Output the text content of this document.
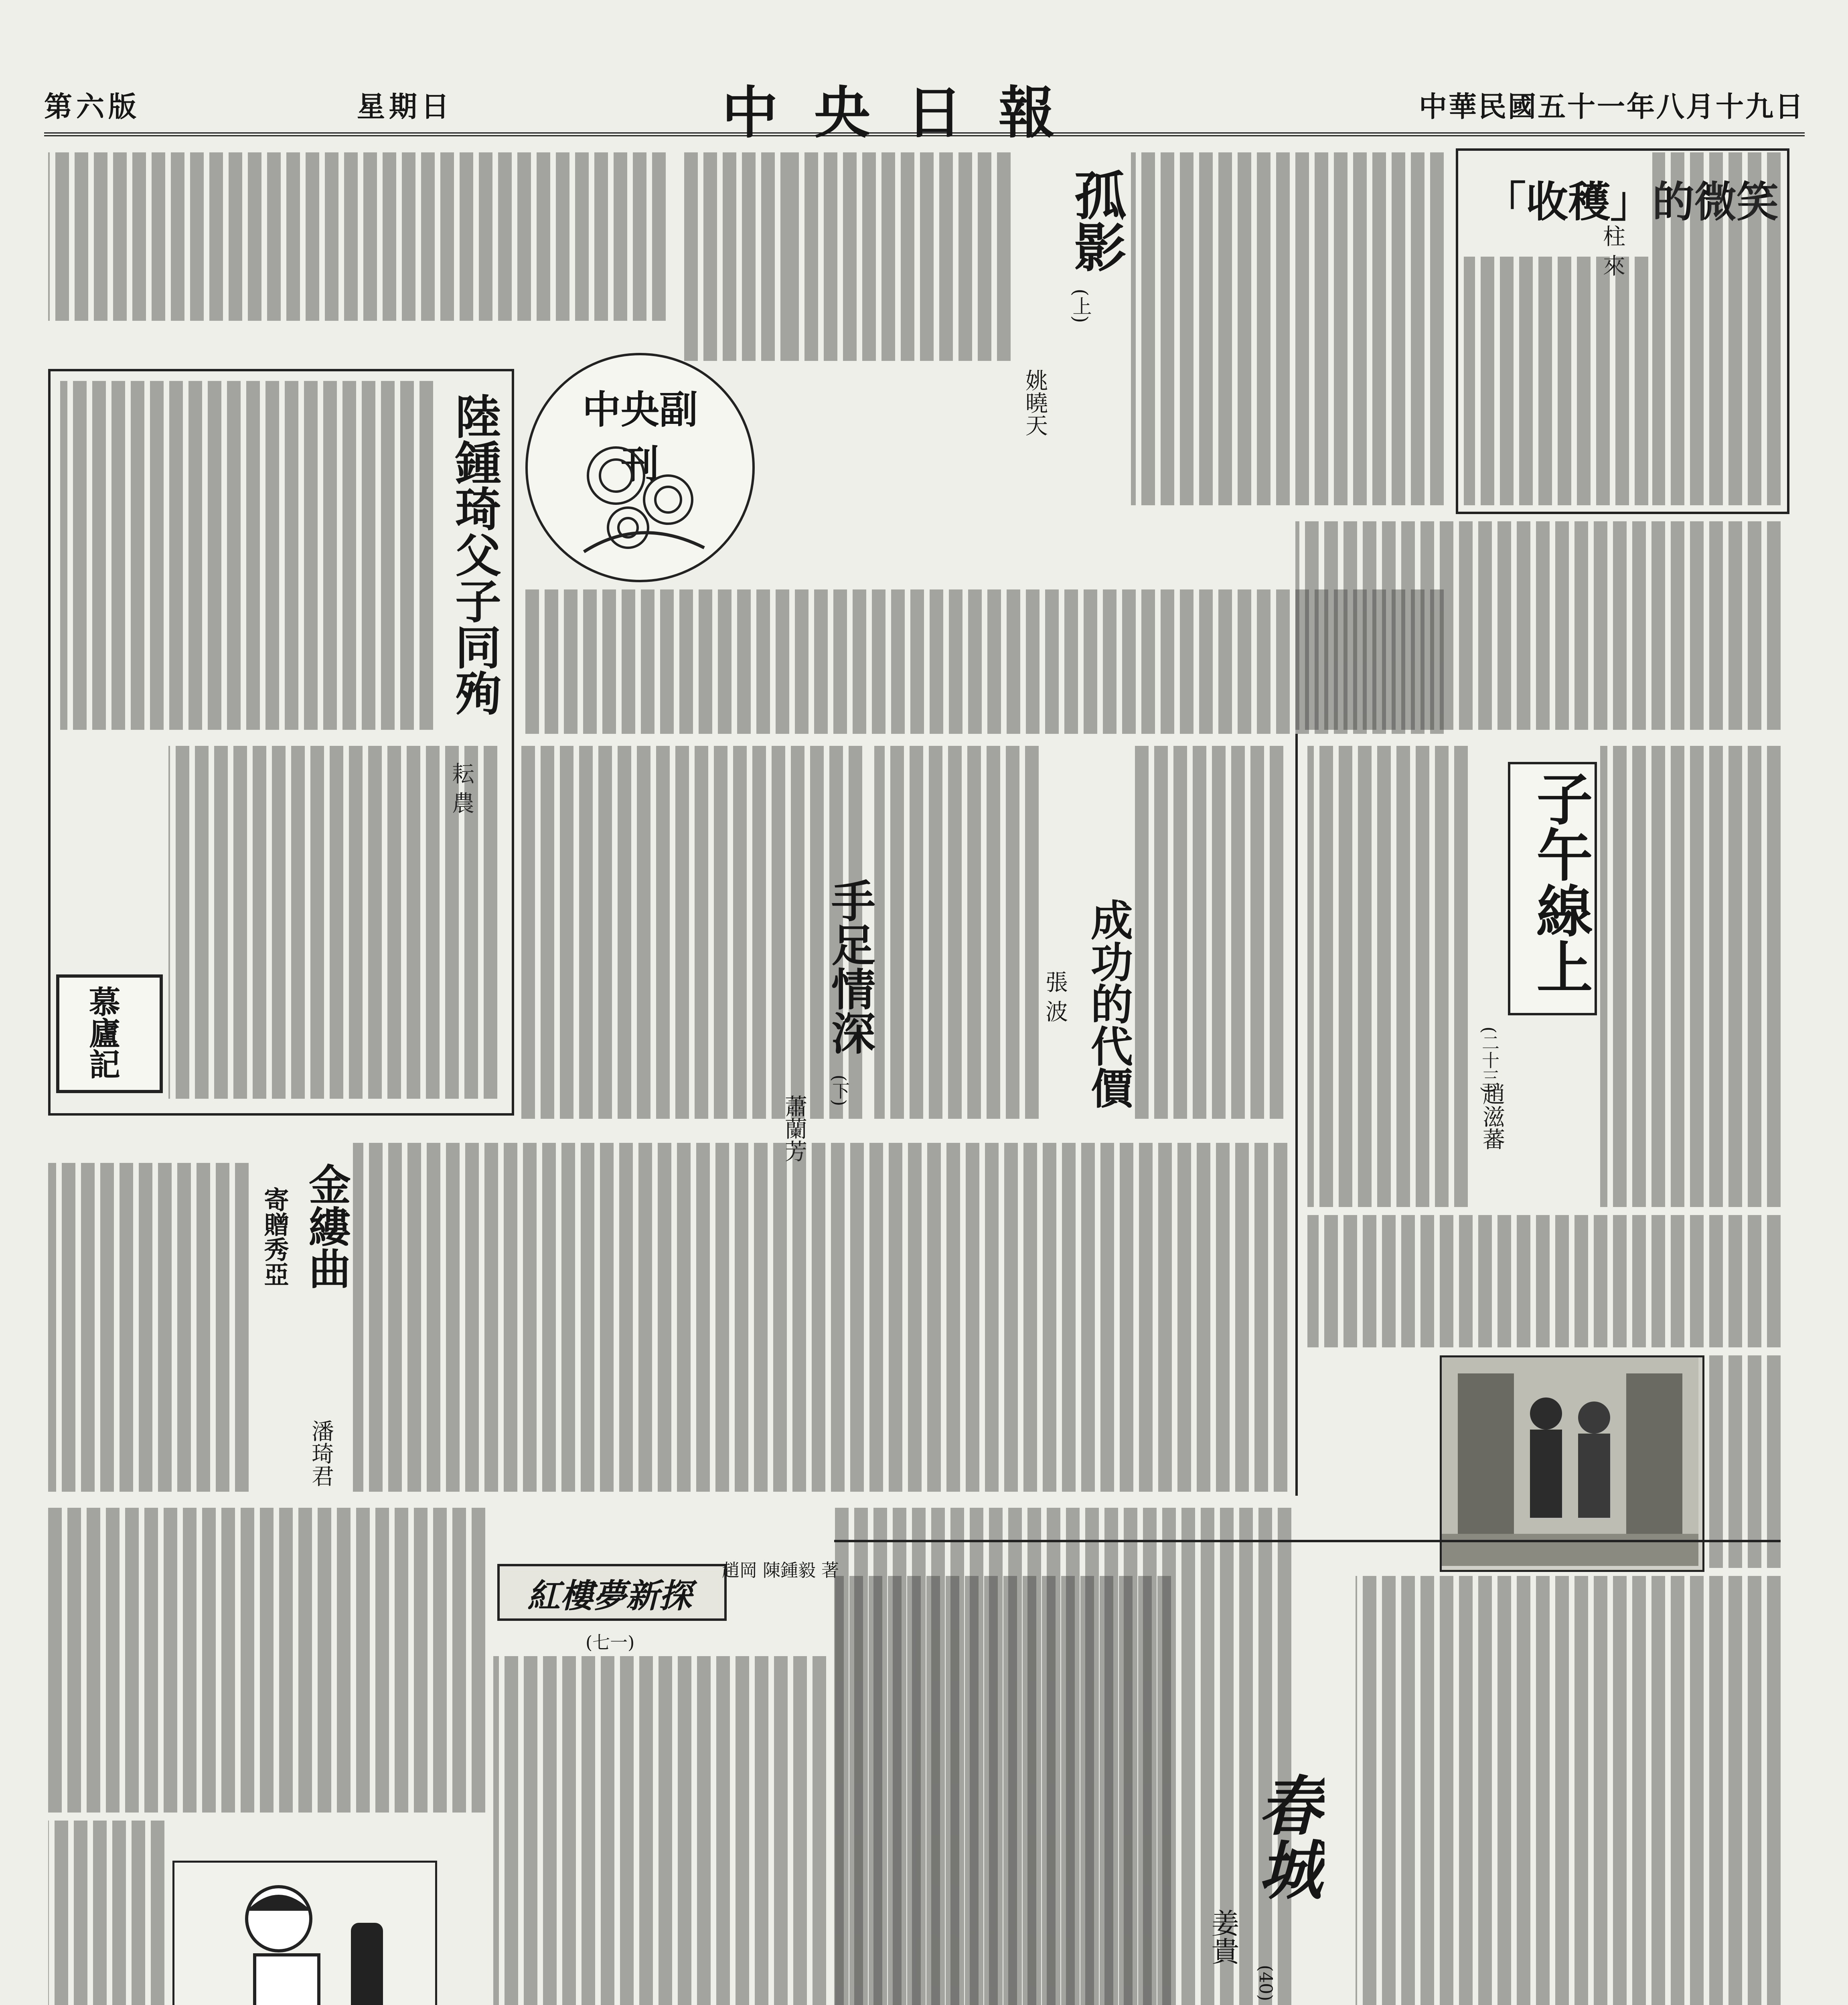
第六版	星期日	中央日報	中華民國五十一年八月十九日
「收穫」的微笑
柱 來
孤影
(上)
姚曉天
中央副刊
陸鍾琦父子同殉
耘 農
慕廬記	手足情深
(下)
蕭蘭芳
成功的代價
張 波
子午線上
(二十三)
趙滋蕃
金縷曲
寄贈秀亞
潘琦君
紅樓夢新探
(七一)
趙岡 陳鍾毅 著
春城
姜貴
(40)
